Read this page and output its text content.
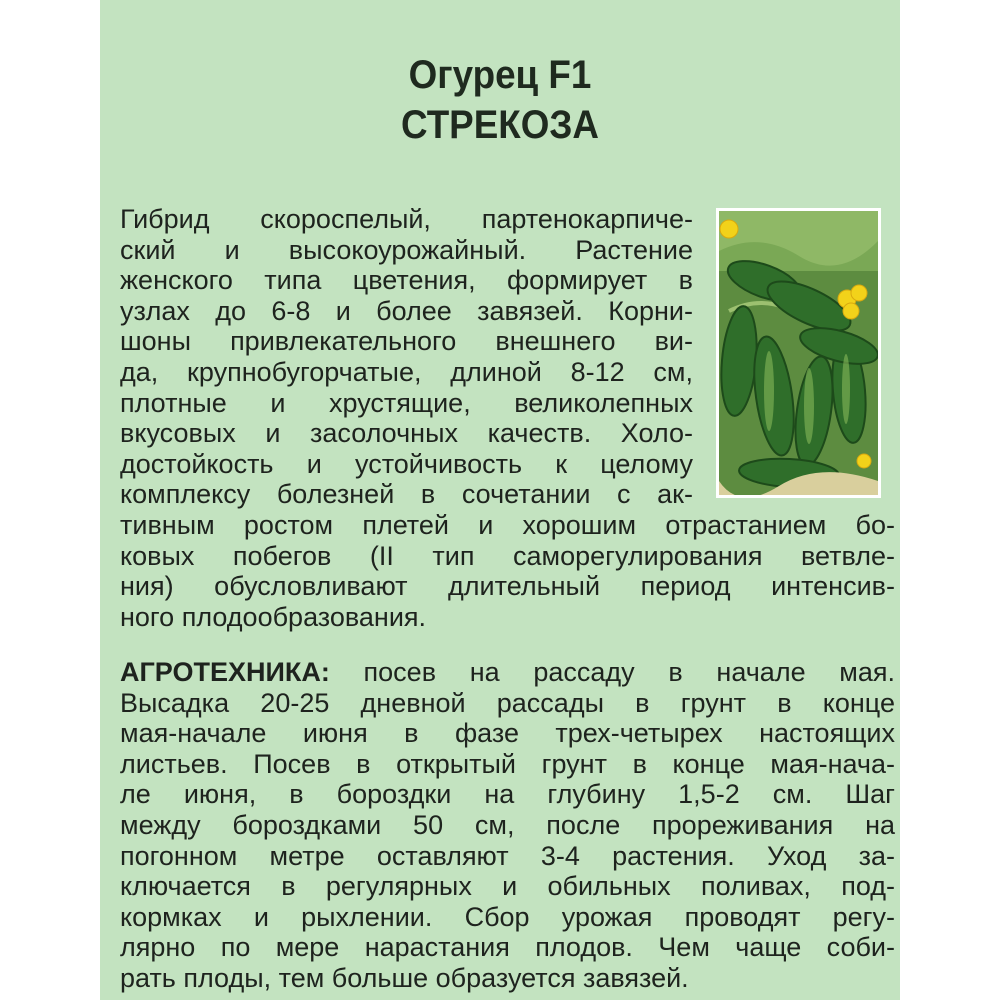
Огурец F1
СТРЕКОЗА
Гибрид скороспелый, партенокарпиче-
ский и высокоурожайный. Растение
женского типа цветения, формирует в
узлах до 6-8 и более завязей. Корни-
шоны привлекательного внешнего ви-
да, крупнобугорчатые, длиной 8-12 см,
плотные и хрустящие, великолепных
вкусовых и засолочных качеств. Холо-
достойкость и устойчивость к целому
комплексу болезней в сочетании с ак-
тивным ростом плетей и хорошим отрастанием бо-
ковых побегов (II тип саморегулирования ветвле-
ния) обусловливают длительный период интенсив-
ного плодообразования.
АГРОТЕХНИКА: посев на рассаду в начале мая.
Высадка 20-25 дневной рассады в грунт в конце
мая-начале июня в фазе трех-четырех настоящих
листьев. Посев в открытый грунт в конце мая-нача-
ле июня, в бороздки на глубину 1,5-2 см. Шаг
между бороздками 50 см, после прореживания на
погонном метре оставляют 3-4 растения. Уход за-
ключается в регулярных и обильных поливах, под-
кормках и рыхлении. Сбор урожая проводят регу-
лярно по мере нарастания плодов. Чем чаще соби-
рать плоды, тем больше образуется завязей.
